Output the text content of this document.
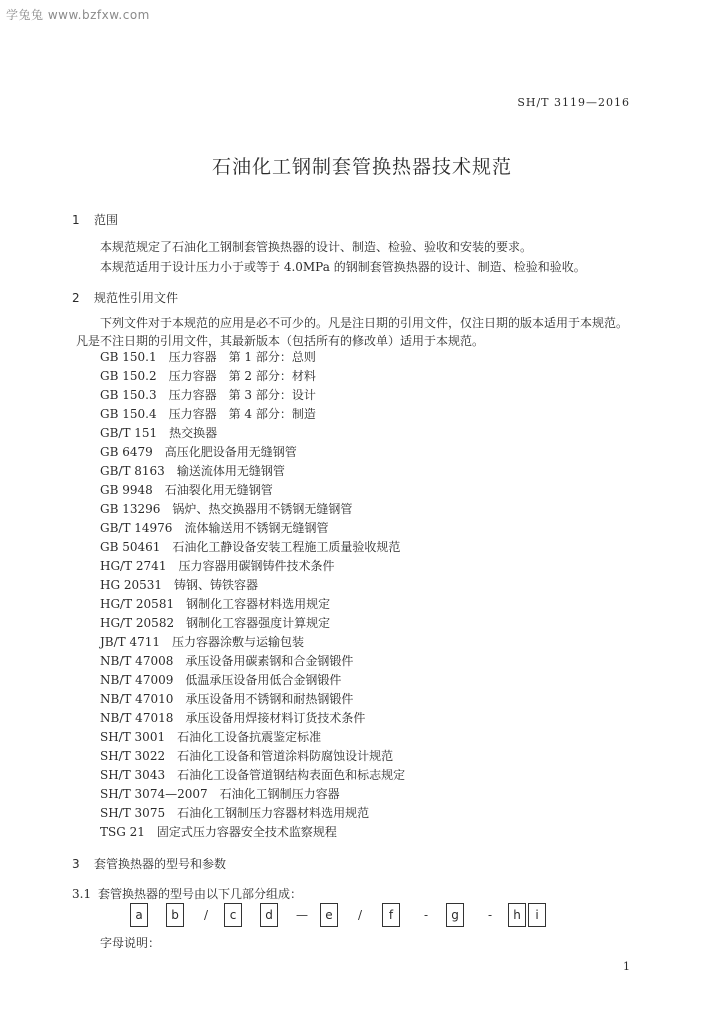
学兔兔 www.bzfxw.com
SH/T 3119—2016
石油化工钢制套管换热器技术规范
1 范围

本规范规定了石油化工钢制套管换热器的设计、制造、检验、验收和安装的要求。

本规范适用于设计压力小于或等于 4.0MPa 的钢制套管换热器的设计、制造、检验和验收。

2 规范性引用文件

下列文件对于本规范的应用是必不可少的。凡是注日期的引用文件，仅注日期的版本适用于本规范。凡是不注日期的引用文件，其最新版本（包括所有的修改单）适用于本规范。

GB 150.1 压力容器　第 1 部分：总则
GB 150.2 压力容器　第 2 部分：材料
GB 150.3 压力容器　第 3 部分：设计
GB 150.4 压力容器　第 4 部分：制造
GB/T 151 热交换器
GB 6479 高压化肥设备用无缝钢管
GB/T 8163 输送流体用无缝钢管
GB 9948 石油裂化用无缝钢管
GB 13296 锅炉、热交换器用不锈钢无缝钢管
GB/T 14976 流体输送用不锈钢无缝钢管
GB 50461 石油化工静设备安装工程施工质量验收规范
HG/T 2741 压力容器用碳钢铸件技术条件
HG 20531 铸钢、铸铁容器
HG/T 20581 钢制化工容器材料选用规定
HG/T 20582 钢制化工容器强度计算规定
JB/T 4711 压力容器涂敷与运输包装
NB/T 47008 承压设备用碳素钢和合金钢锻件
NB/T 47009 低温承压设备用低合金钢锻件
NB/T 47010 承压设备用不锈钢和耐热钢锻件
NB/T 47018 承压设备用焊接材料订货技术条件
SH/T 3001 石油化工设备抗震鉴定标准
SH/T 3022 石油化工设备和管道涂料防腐蚀设计规范
SH/T 3043 石油化工设备管道钢结构表面色和标志规定
SH/T 3074—2007 石油化工钢制压力容器
SH/T 3075 石油化工钢制压力容器材料选用规范
TSG 21 固定式压力容器安全技术监察规程
3 套管换热器的型号和参数
3.1 套管换热器的型号由以下几部分组成：
a	b	/	c	d	—	e	/	f	-	g	-	h	i
字母说明：
1
